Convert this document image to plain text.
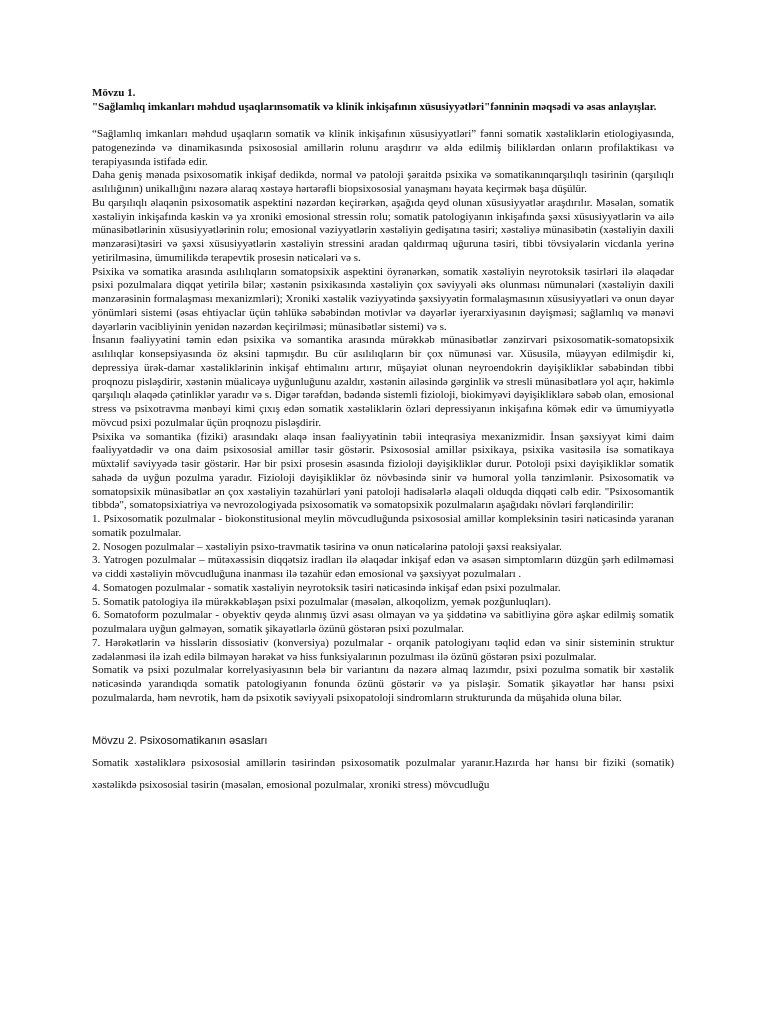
Mövzu 1.

"Sağlamlıq imkanları məhdud uşaqlarınsomatik və klinik inkişafının xüsusiyyətləri"fənninin məqsədi və əsas anlayışlar.

“Sağlamlıq imkanları məhdud uşaqların somatik və klinik inkişafının xüsusiyyətləri” fənni somatik xəstəliklərin etiologiyasında, patogenezində və dinamikasında psixososial amillərin rolunu araşdırır və əldə edilmiş biliklərdən onların profilaktikası və terapiyasında istifadə edir.

Daha geniş mənada psixosomatik inkişaf dedikdə, normal və patoloji şəraitdə psixika və somatikanınqarşılıqlı təsirinin (qarşılıqlı asılılığının) unikallığını nəzərə alaraq xəstəyə hərtərəfli biopsixososial yanaşmanı həyata keçirmək başa düşülür.

Bu qarşılıqlı əlaqənin psixosomatik aspektini nəzərdən keçirərkən, aşağıda qeyd olunan xüsusiyyətlər araşdırılır. Məsələn, somatik xəstəliyin inkişafında kəskin və ya xroniki emosional stressin rolu; somatik patologiyanın inkişafında şəxsi xüsusiyyətlərin və ailə münasibətlərinin xüsusiyyətlərinin rolu; emosional vəziyyətlərin xəstəliyin gedişatına təsiri; xəstəliyə münasibətin (xəstəliyin daxili mənzərəsi)təsiri və şəxsi xüsusiyyətlərin xəstəliyin stressini aradan qaldırmaq uğuruna təsiri, tibbi tövsiyələrin vicdanla yerinə yetirilməsinə, ümumilikdə terapevtik prosesin nəticələri və s.

Psixika və somatika arasında asılılıqların somatopsixik aspektini öyrənərkən, somatik xəstəliyin neyrotoksik təsirləri ilə əlaqədar psixi pozulmalara diqqət yetirilə bilər; xəstənin psixikasında xəstəliyin çox səviyyəli əks olunması nümunələri (xəstəliyin daxili mənzərəsinin formalaşması mexanizmləri); Xroniki xəstəlik vəziyyətində şəxsiyyətin formalaşmasının xüsusiyyətləri və onun dəyər yönümləri sistemi (əsas ehtiyaclar üçün təhlükə səbəbindən motivlər və dəyərlər iyerarxiyasının dəyişməsi; sağlamlıq və mənəvi dəyərlərin vacibliyinin yenidən nəzərdən keçirilməsi; münasibətlər sistemi) və s.

İnsanın fəaliyyətini təmin edən psixika və somantika arasında mürəkkəb münasibətlər zənzirvari psixosomatik-somatopsixik asılılıqlar konsepsiyasında öz əksini tapmışdır. Bu cür asılılıqların bir çox nümunəsi var. Xüsusilə, müəyyən edilmişdir ki, depressiya ürək-damar xəstəliklərinin inkişaf ehtimalını artırır, müşayiət olunan neyroendokrin dəyişikliklər səbəbindən tibbi proqnozu pisləşdirir, xəstənin müalicəyə uyğunluğunu azaldır, xəstənin ailəsində gərginlik və stresli münasibətlərə yol açır, həkimlə qarşılıqlı əlaqədə çətinliklər yaradır və s. Digər tərəfdən, bədəndə sistemli fizioloji, biokimyəvi dəyişikliklərə səbəb olan, emosional stress və psixotravma mənbəyi kimi çıxış edən somatik xəstəliklərin özləri depressiyanın inkişafına kömək edir və ümumiyyətlə mövcud psixi pozulmalar üçün proqnozu pisləşdirir.

Psixika və somantika (fiziki) arasındakı əlaqə insan fəaliyyətinin təbii inteqrasiya mexanizmidir. İnsan şəxsiyyət kimi daim fəaliyyətdədir və ona daim psixososial amillər təsir göstərir. Psixososial amillər psixikaya, psixika vasitəsilə isə somatikaya müxtəlif səviyyədə təsir göstərir. Hər bir psixi prosesin əsasında fizioloji dəyişikliklər durur. Potoloji psixi dəyişikliklər somatik sahədə də uyğun pozulma yaradır. Fizioloji dəyişikliklər öz növbəsində sinir və humoral yolla tənzimlənir. Psixosomatik və somatopsixik münasibətlər ən çox xəstəliyin təzahürləri yəni patoloji hadisələrlə əlaqəli olduqda diqqəti cəlb edir. "Psixosomantik tibbdə", somatopsixiatriya və nevrozologiyada psixosomatik və somatopsixik pozulmaların aşağıdakı növləri fərqləndirilir:

1. Psixosomatik pozulmalar - biokonstitusional meylin mövcudluğunda psixososial amillər kompleksinin təsiri nəticəsində yaranan somatik pozulmalar.

2. Nosogen pozulmalar – xəstəliyin psixo-travmatik təsirinə və onun nəticələrinə patoloji şəxsi reaksiyalar.

3. Yatrogen pozulmalar – mütəxəssisin diqqətsiz iradları ilə əlaqədar inkişaf edən və əsasən simptomların düzgün şərh edilməməsi və ciddi xəstəliyin mövcudluğuna inanması ilə təzahür edən emosional və şəxsiyyət pozulmaları .

4. Somatogen pozulmalar - somatik xəstəliyin neyrotoksik təsiri nəticəsində inkişaf edən psixi pozulmalar.

5. Somatik patologiya ilə mürəkkəbləşən psixi pozulmalar (məsələn, alkoqolizm, yemək pozğunluqları).

6. Somatoform pozulmalar - obyektiv qeydə alınmış üzvi əsası olmayan və ya şiddətinə və sabitliyinə görə aşkar edilmiş somatik pozulmalara uyğun gəlməyən, somatik şikayətlərlə özünü göstərən psixi pozulmalar.

7. Hərəkətlərin və hisslərin dissosiativ (konversiya) pozulmalar - orqanik patologiyanı təqlid edən və sinir sisteminin struktur zədələnməsi ilə izah edilə bilməyən hərəkət və hiss funksiyalarının pozulması ilə özünü göstərən psixi pozulmalar.

Somatik və psixi pozulmalar korrelyasiyasının belə bir variantını da nəzərə almaq lazımdır, psixi pozulma somatik bir xəstəlik nəticəsində yarandıqda somatik patologiyanın fonunda özünü göstərir və ya pisləşir. Somatik şikayətlər hər hansı psixi pozulmalarda, həm nevrotik, həm də psixotik səviyyəli psixopatoloji sindromların strukturunda da müşahidə oluna bilər.

Mövzu 2. Psixosomatikanın əsasları

Somatik xəstəliklərə psixososial amillərin təsirindən psixosomatik pozulmalar yaranır.Hazırda hər hansı bir fiziki (somatik) xəstəlikdə psixososial təsirin (məsələn, emosional pozulmalar, xroniki stress) mövcudluğu
